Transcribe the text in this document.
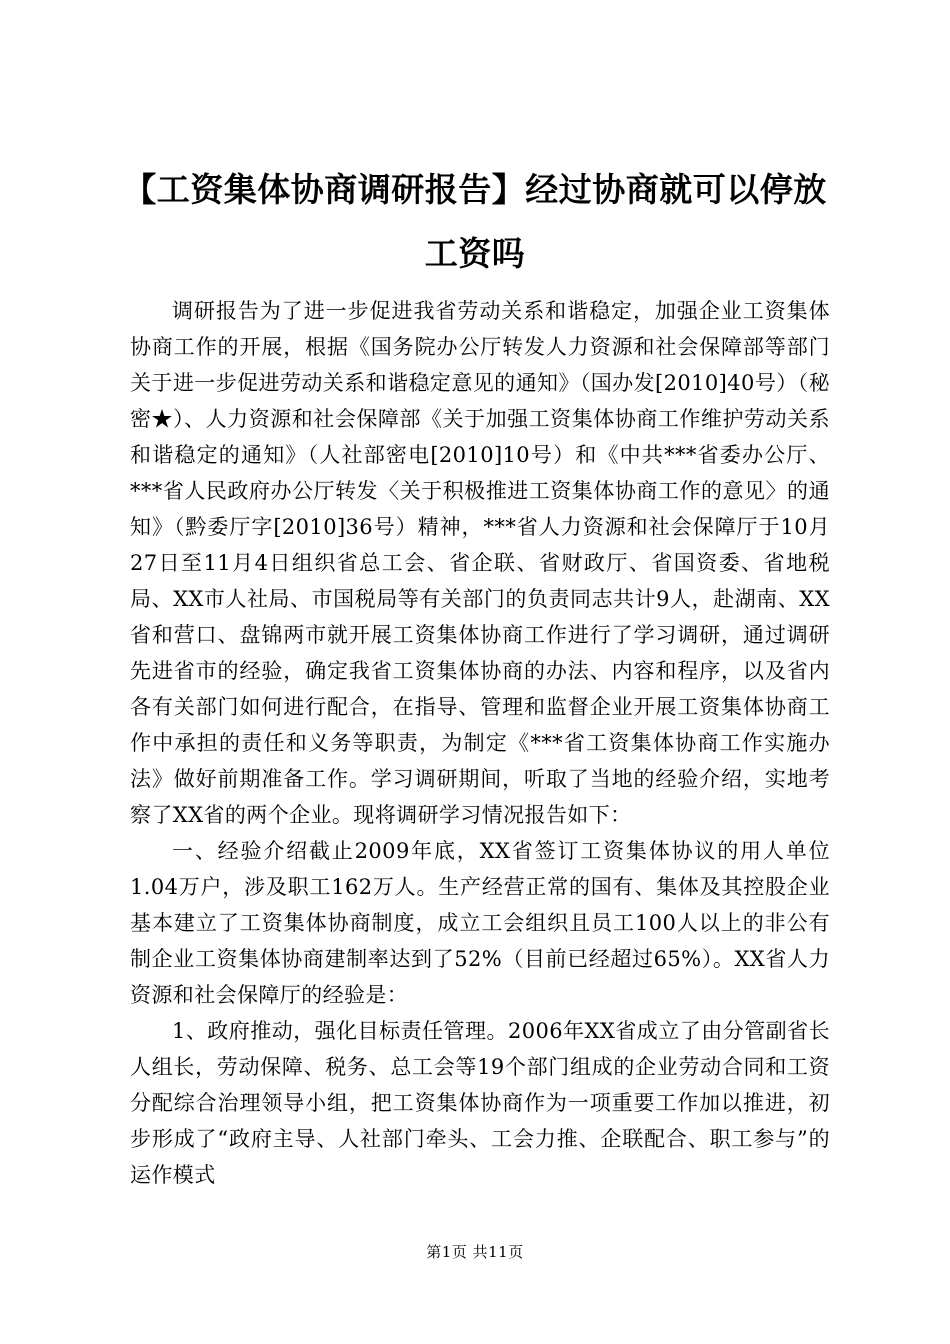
【工资集体协商调研报告】经过协商就可以停放工资吗

调研报告为了进一步促进我省劳动关系和谐稳定，加强企业工资集体协商工作的开展，根据《国务院办公厅转发人力资源和社会保障部等部门关于进一步促进劳动关系和谐稳定意见的通知》（国办发[2010]40号）（秘密★）、人力资源和社会保障部《关于加强工资集体协商工作维护劳动关系和谐稳定的通知》（人社部密电[2010]10号）和《中共***省委办公厅、***省人民政府办公厅转发〈关于积极推进工资集体协商工作的意见〉的通知》（黔委厅字[2010]36号）精神，***省人力资源和社会保障厅于10月27日至11月4日组织省总工会、省企联、省财政厅、省国资委、省地税局、XX市人社局、市国税局等有关部门的负责同志共计9人，赴湖南、XX省和营口、盘锦两市就开展工资集体协商工作进行了学习调研，通过调研先进省市的经验，确定我省工资集体协商的办法、内容和程序，以及省内各有关部门如何进行配合，在指导、管理和监督企业开展工资集体协商工作中承担的责任和义务等职责，为制定《***省工资集体协商工作实施办法》做好前期准备工作。学习调研期间，听取了当地的经验介绍，实地考察了XX省的两个企业。现将调研学习情况报告如下：

一、经验介绍截止2009年底，XX省签订工资集体协议的用人单位1.04万户，涉及职工162万人。生产经营正常的国有、集体及其控股企业基本建立了工资集体协商制度，成立工会组织且员工100人以上的非公有制企业工资集体协商建制率达到了52%（目前已经超过65%）。XX省人力资源和社会保障厅的经验是：

1、政府推动，强化目标责任管理。2006年XX省成立了由分管副省长人组长，劳动保障、税务、总工会等19个部门组成的企业劳动合同和工资分配综合治理领导小组，把工资集体协商作为一项重要工作加以推进，初步形成了“政府主导、人社部门牵头、工会力推、企联配合、职工参与”的运作模式

第1页 共11页
